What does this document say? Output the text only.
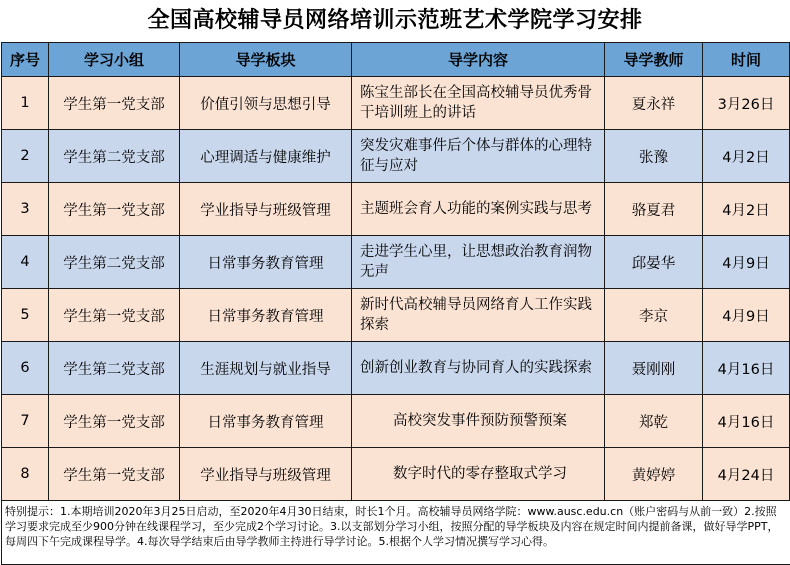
全国高校辅导员网络培训示范班艺术学院学习安排
序号	学习小组	导学板块	导学内容	导学教师	时间
1	学生第一党支部	价值引领与思想引导	陈宝生部长在全国高校辅导员优秀骨干培训班上的讲话	夏永祥	3月26日
2	学生第二党支部	心理调适与健康维护	突发灾难事件后个体与群体的心理特征与应对	张豫	4月2日
3	学生第一党支部	学业指导与班级管理	主题班会育人功能的案例实践与思考	骆夏君	4月2日
4	学生第二党支部	日常事务教育管理	走进学生心里，让思想政治教育润物无声	邱晏华	4月9日
5	学生第一党支部	日常事务教育管理	新时代高校辅导员网络育人工作实践探索	李京	4月9日
6	学生第二党支部	生涯规划与就业指导	创新创业教育与协同育人的实践探索	聂刚刚	4月16日
7	学生第一党支部	日常事务教育管理	高校突发事件预防预警预案	郑乾	4月16日
8	学生第一党支部	学业指导与班级管理	数字时代的零存整取式学习	黄婷婷	4月24日
特别提示：1.本期培训2020年3月25日启动，至2020年4月30日结束，时长1个月。高校辅导员网络学院：www.ausc.edu.cn（账户密码与从前一致）2.按照学习要求完成至少900分钟在线课程学习，至少完成2个学习讨论。3.以支部划分学习小组，按照分配的导学板块及内容在规定时间内提前备课，做好导学PPT，每周四下午完成课程导学。4.每次导学结束后由导学教师主持进行导学讨论。5.根据个人学习情况撰写学习心得。
